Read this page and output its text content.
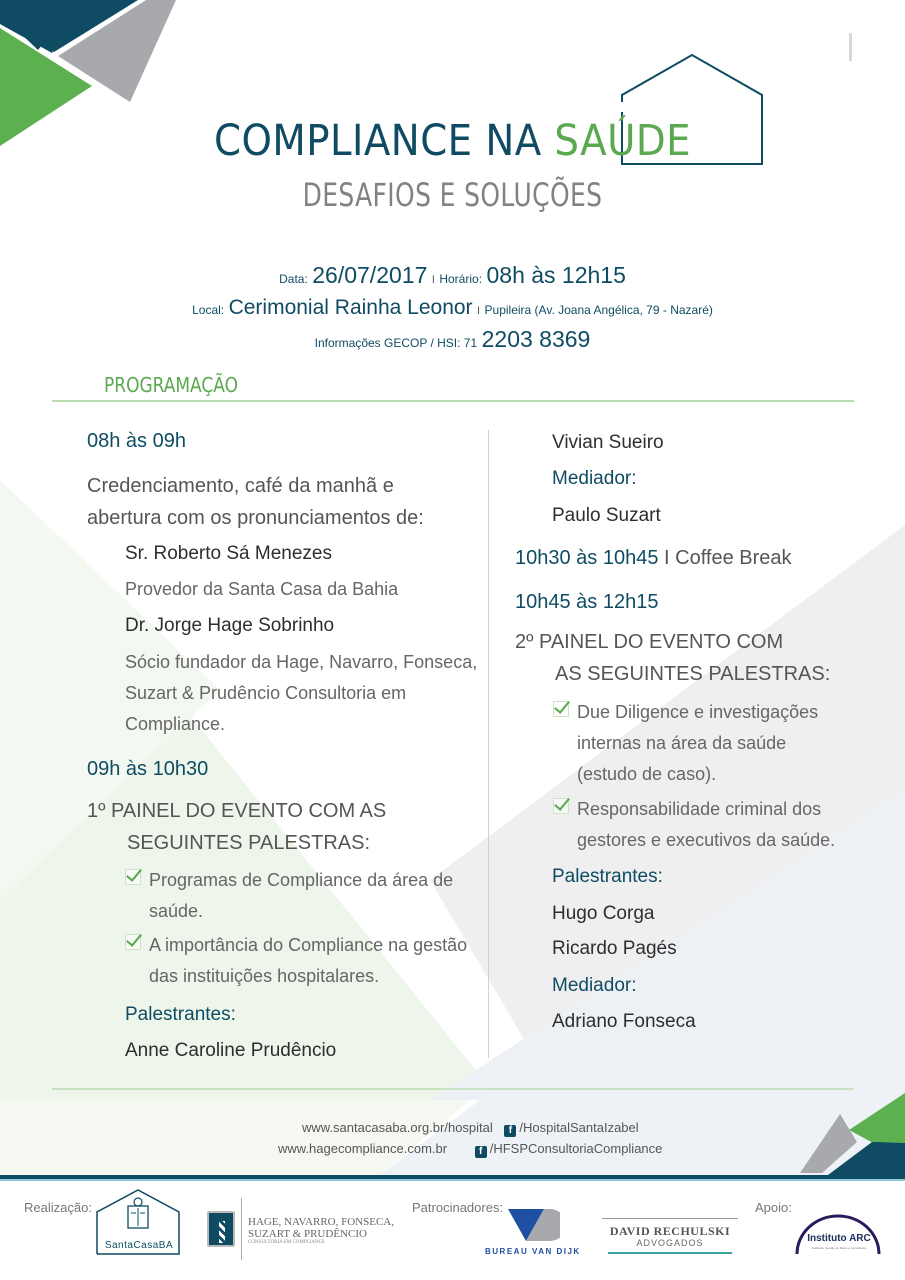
COMPLIANCE NA SAÚDE
DESAFIOS E SOLUÇÕES
Data: 26/07/2017 I Horário: 08h às 12h15
Local: Cerimonial Rainha Leonor I Pupileira (Av. Joana Angélica, 79 - Nazaré)
Informações GECOP / HSI: 71 2203 8369
PROGRAMAÇÃO
08h às 09h
Credenciamento, café da manhã e
abertura com os pronunciamentos de:
Sr. Roberto Sá Menezes
Provedor da Santa Casa da Bahia
Dr. Jorge Hage Sobrinho
Sócio fundador da Hage, Navarro, Fonseca,
Suzart & Prudêncio Consultoria em
Compliance.
09h às 10h30
1º PAINEL DO EVENTO COM AS
SEGUINTES PALESTRAS:
Programas de Compliance da área de
saúde.
A importância do Compliance na gestão
das instituições hospitalares.
Palestrantes:
Anne Caroline Prudêncio
Vivian Sueiro
Mediador:
Paulo Suzart
10h30 às 10h45 I Coffee Break
10h45 às 12h15
2º PAINEL DO EVENTO COM
AS SEGUINTES PALESTRAS:
Due Diligence e investigações
internas na área da saúde
(estudo de caso).
Responsabilidade criminal dos
gestores e executivos da saúde.
Palestrantes:
Hugo Corga
Ricardo Pagés
Mediador:
Adriano Fonseca
www.santacasaba.org.br/hospital f /HospitalSantaIzabel
www.hagecompliance.com.br	f /HFSPConsultoriaCompliance
Realização:
SantaCasaBA
HAGE, NAVARRO, FONSECA,
SUZART & PRUDÊNCIO
CONSULTORIA EM COMPLIANCE
Patrocinadores:
BUREAU VAN DIJK
DAVID RECHULSKI
ADVOGADOS
Apoio:
Instituto ARC
Auditoria, Gestão de Risco e Compliance
